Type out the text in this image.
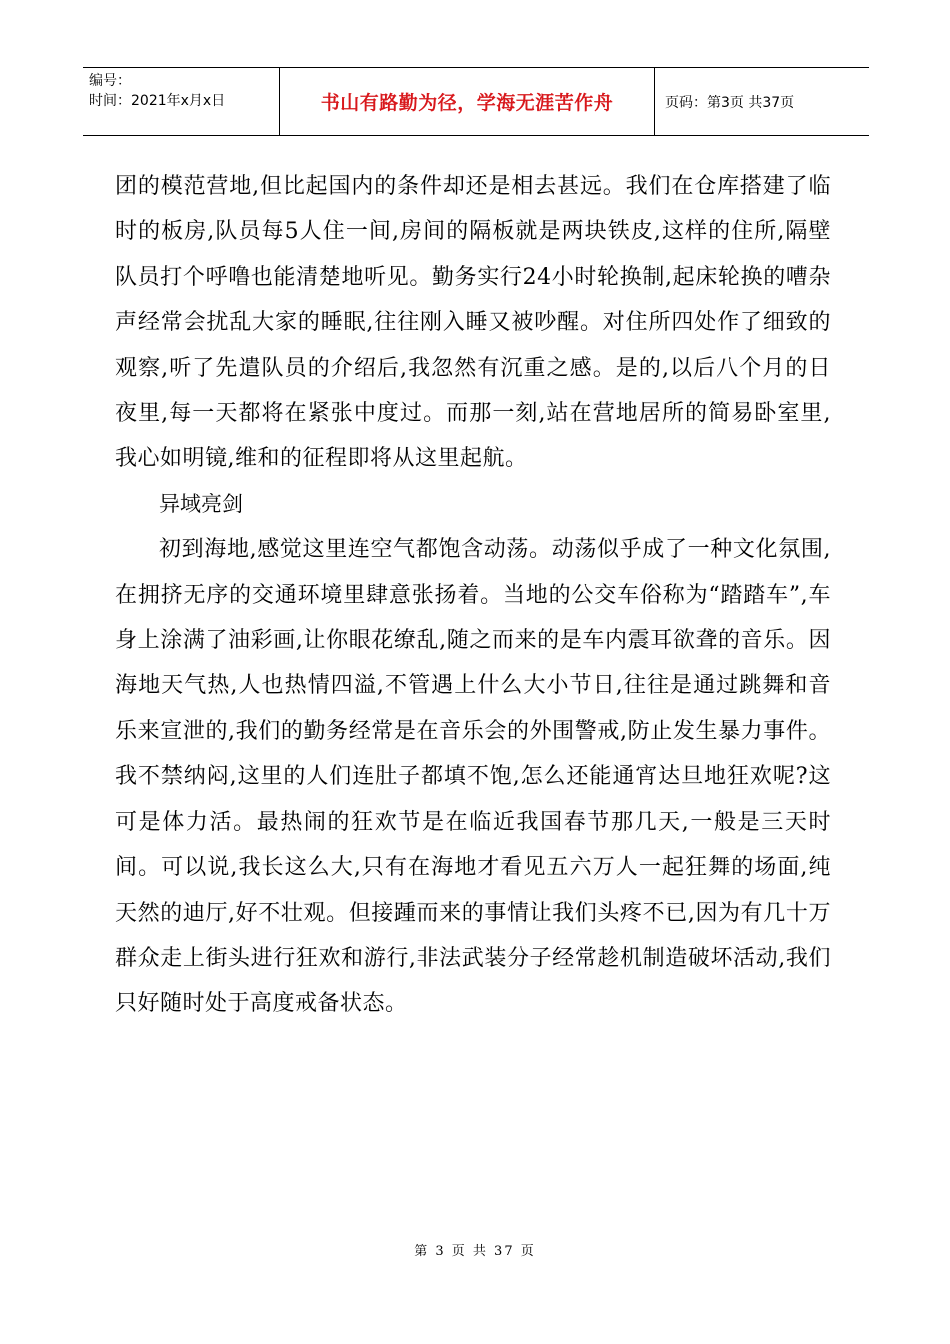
编号：
时间：2021年x月x日	书山有路勤为径，学海无涯苦作舟	页码：第3页 共37页

团的模范营地,但比起国内的条件却还是相去甚远。我们在仓库搭建了临时的板房,队员每5人住一间,房间的隔板就是两块铁皮,这样的住所,隔壁队员打个呼噜也能清楚地听见。勤务实行24小时轮换制,起床轮换的嘈杂声经常会扰乱大家的睡眠,往往刚入睡又被吵醒。对住所四处作了细致的观察,听了先遣队员的介绍后,我忽然有沉重之感。是的,以后八个月的日夜里,每一天都将在紧张中度过。而那一刻,站在营地居所的简易卧室里,我心如明镜,维和的征程即将从这里起航。

异域亮剑

初到海地,感觉这里连空气都饱含动荡。动荡似乎成了一种文化氛围,在拥挤无序的交通环境里肆意张扬着。当地的公交车俗称为“踏踏车”,车身上涂满了油彩画,让你眼花缭乱,随之而来的是车内震耳欲聋的音乐。因海地天气热,人也热情四溢,不管遇上什么大小节日,往往是通过跳舞和音乐来宣泄的,我们的勤务经常是在音乐会的外围警戒,防止发生暴力事件。我不禁纳闷,这里的人们连肚子都填不饱,怎么还能通宵达旦地狂欢呢?这可是体力活。最热闹的狂欢节是在临近我国春节那几天,一般是三天时间。可以说,我长这么大,只有在海地才看见五六万人一起狂舞的场面,纯天然的迪厅,好不壮观。但接踵而来的事情让我们头疼不已,因为有几十万群众走上街头进行狂欢和游行,非法武装分子经常趁机制造破坏活动,我们只好随时处于高度戒备状态。

第 3 页 共 37 页
